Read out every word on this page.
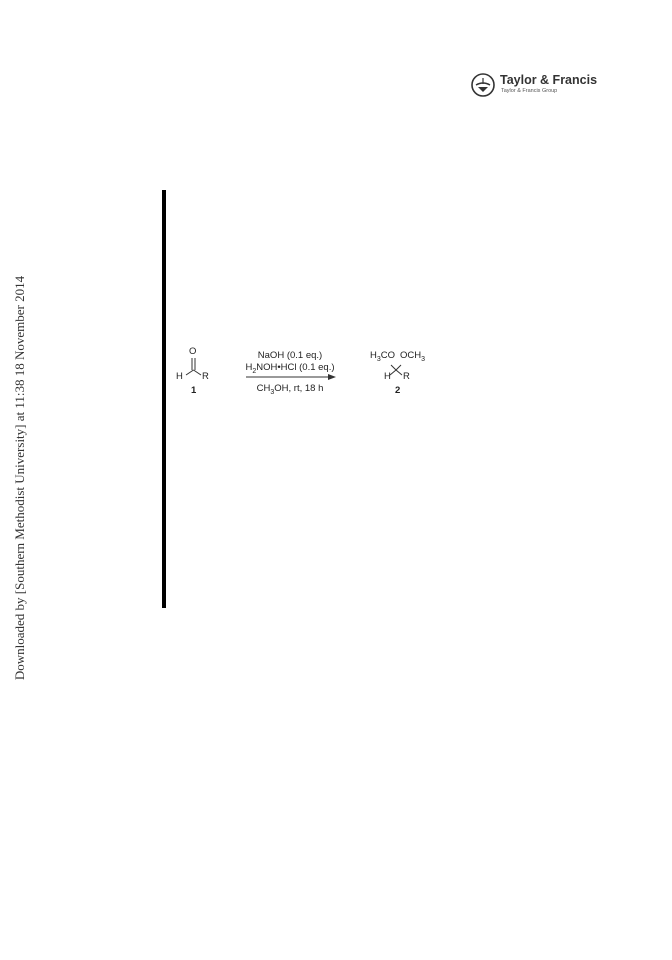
Downloaded by [Southern Methodist University] at 11:38 18 November 2014
Taylor & Francis
Taylor & Francis Group
O
H R
1
NaOH (0.1 eq.)
$H_2NOH•HCl$ (0.1 eq.)
$CH_3OH$, rt, 18 h
$H_3CO$ $OCH_3$
H R
2
